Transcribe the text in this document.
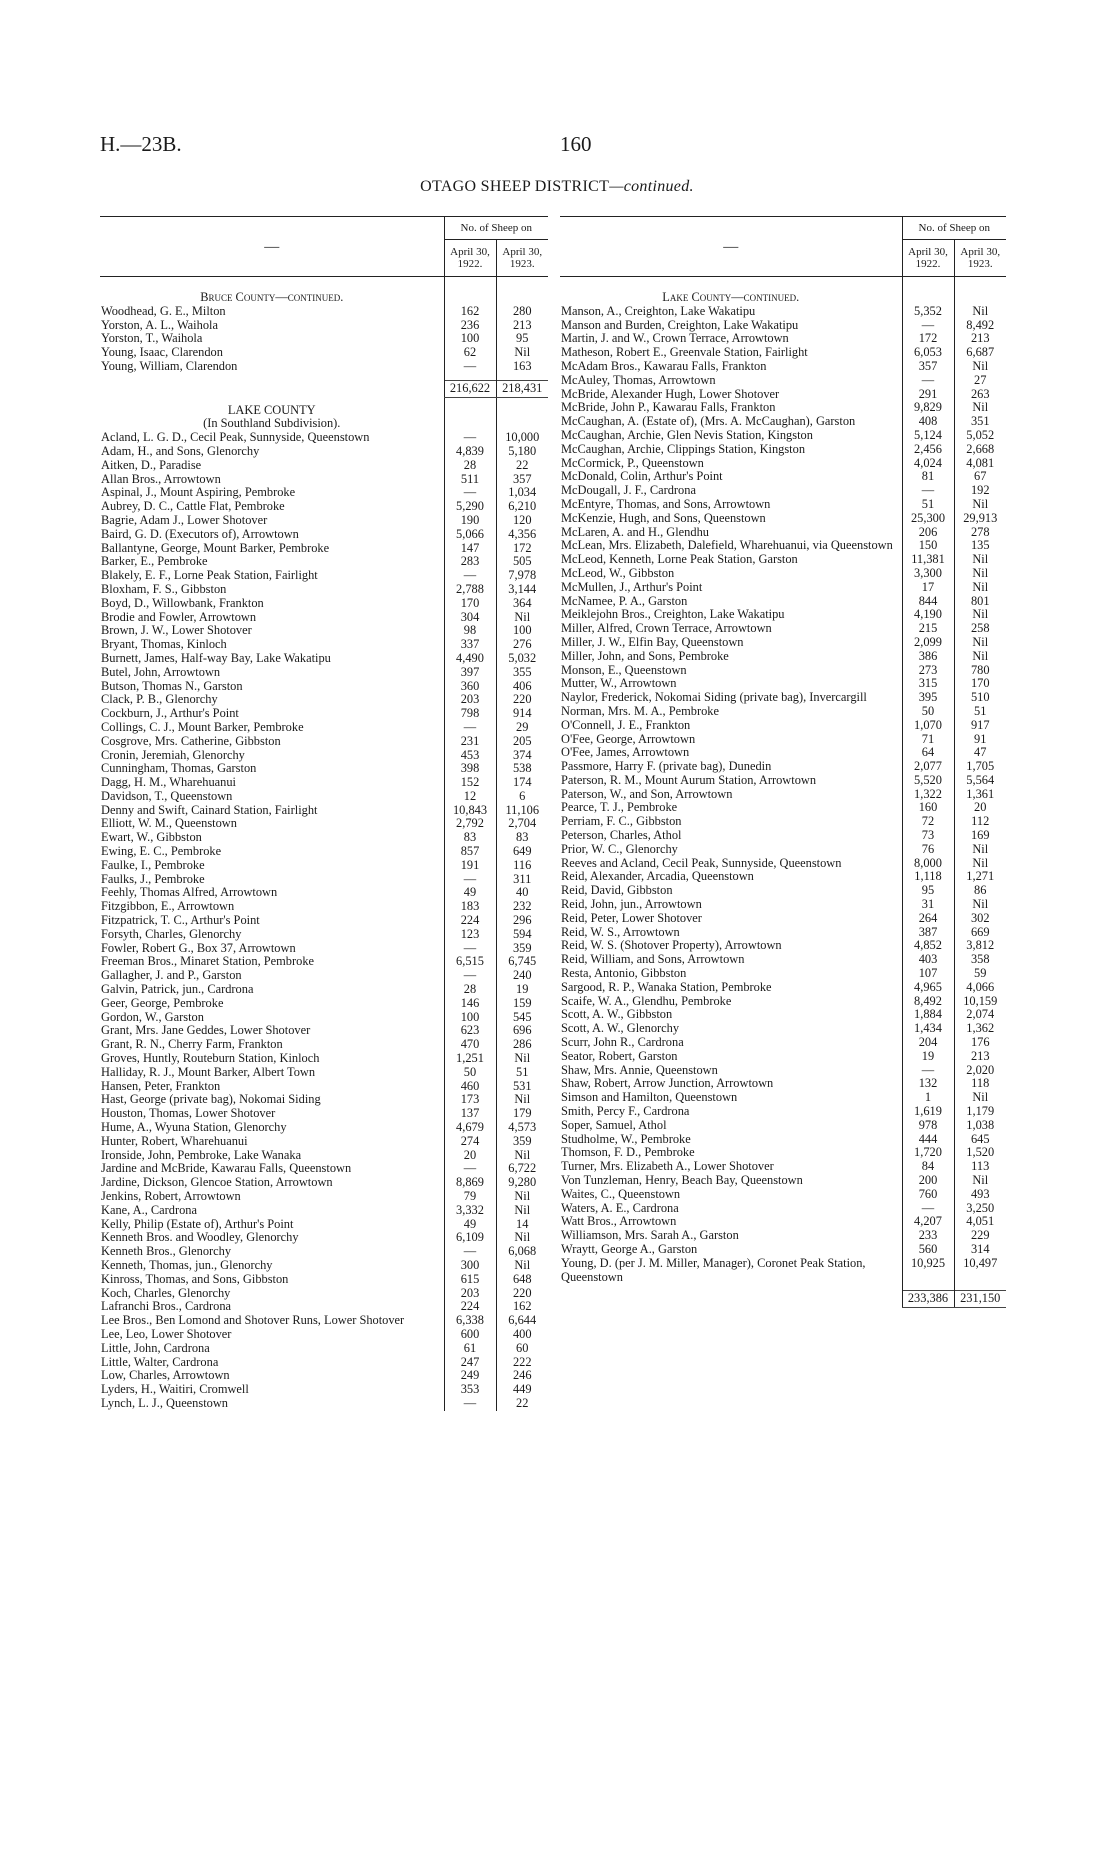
H.—23B.	160
OTAGO SHEEP DISTRICT—continued.
—	No. of Sheep on	
	April 30, 1922.	April 30, 1923.

Bruce County—continued.		
Woodhead, G. E., Milton	162	280
Yorston, A. L., Waihola	236	213
Yorston, T., Waihola	100	95
Young, Isaac, Clarendon	62	Nil
Young, William, Clarendon	—	163

	216,622	218,431

LAKE COUNTY		
(In Southland Subdivision).		
Acland, L. G. D., Cecil Peak, Sunnyside, Queenstown	—	10,000
Adam, H., and Sons, Glenorchy	4,839	5,180
Aitken, D., Paradise	28	22
Allan Bros., Arrowtown	511	357
Aspinal, J., Mount Aspiring, Pembroke	—	1,034
Aubrey, D. C., Cattle Flat, Pembroke	5,290	6,210
Bagrie, Adam J., Lower Shotover	190	120
Baird, G. D. (Executors of), Arrowtown	5,066	4,356
Ballantyne, George, Mount Barker, Pembroke	147	172
Barker, E., Pembroke	283	505
Blakely, E. F., Lorne Peak Station, Fairlight	—	7,978
Bloxham, F. S., Gibbston	2,788	3,144
Boyd, D., Willowbank, Frankton	170	364
Brodie and Fowler, Arrowtown	304	Nil
Brown, J. W., Lower Shotover	98	100
Bryant, Thomas, Kinloch	337	276
Burnett, James, Half-way Bay, Lake Wakatipu	4,490	5,032
Butel, John, Arrowtown	397	355
Butson, Thomas N., Garston	360	406
Clack, P. B., Glenorchy	203	220
Cockburn, J., Arthur's Point	798	914
Collings, C. J., Mount Barker, Pembroke	—	29
Cosgrove, Mrs. Catherine, Gibbston	231	205
Cronin, Jeremiah, Glenorchy	453	374
Cunningham, Thomas, Garston	398	538
Dagg, H. M., Wharehuanui	152	174
Davidson, T., Queenstown	12	6
Denny and Swift, Cainard Station, Fairlight	10,843	11,106
Elliott, W. M., Queenstown	2,792	2,704
Ewart, W., Gibbston	83	83
Ewing, E. C., Pembroke	857	649
Faulke, I., Pembroke	191	116
Faulks, J., Pembroke	—	311
Feehly, Thomas Alfred, Arrowtown	49	40
Fitzgibbon, E., Arrowtown	183	232
Fitzpatrick, T. C., Arthur's Point	224	296
Forsyth, Charles, Glenorchy	123	594
Fowler, Robert G., Box 37, Arrowtown	—	359
Freeman Bros., Minaret Station, Pembroke	6,515	6,745
Gallagher, J. and P., Garston	—	240
Galvin, Patrick, jun., Cardrona	28	19
Geer, George, Pembroke	146	159
Gordon, W., Garston	100	545
Grant, Mrs. Jane Geddes, Lower Shotover	623	696
Grant, R. N., Cherry Farm, Frankton	470	286
Groves, Huntly, Routeburn Station, Kinloch	1,251	Nil
Halliday, R. J., Mount Barker, Albert Town	50	51
Hansen, Peter, Frankton	460	531
Hast, George (private bag), Nokomai Siding	173	Nil
Houston, Thomas, Lower Shotover	137	179
Hume, A., Wyuna Station, Glenorchy	4,679	4,573
Hunter, Robert, Wharehuanui	274	359
Ironside, John, Pembroke, Lake Wanaka	20	Nil
Jardine and McBride, Kawarau Falls, Queenstown	—	6,722
Jardine, Dickson, Glencoe Station, Arrowtown	8,869	9,280
Jenkins, Robert, Arrowtown	79	Nil
Kane, A., Cardrona	3,332	Nil
Kelly, Philip (Estate of), Arthur's Point	49	14
Kenneth Bros. and Woodley, Glenorchy	6,109	Nil
Kenneth Bros., Glenorchy	—	6,068
Kenneth, Thomas, jun., Glenorchy	300	Nil
Kinross, Thomas, and Sons, Gibbston	615	648
Koch, Charles, Glenorchy	203	220
Lafranchi Bros., Cardrona	224	162
Lee Bros., Ben Lomond and Shotover Runs, Lower Shotover	6,338	6,644
Lee, Leo, Lower Shotover	600	400
Little, John, Cardrona	61	60
Little, Walter, Cardrona	247	222
Low, Charles, Arrowtown	249	246
Lyders, H., Waitiri, Cromwell	353	449
Lynch, L. J., Queenstown	—	22
—	No. of Sheep on	
	April 30, 1922.	April 30, 1923.

Lake County—continued.		
Manson, A., Creighton, Lake Wakatipu	5,352	Nil
Manson and Burden, Creighton, Lake Wakatipu	—	8,492
Martin, J. and W., Crown Terrace, Arrowtown	172	213
Matheson, Robert E., Greenvale Station, Fairlight	6,053	6,687
McAdam Bros., Kawarau Falls, Frankton	357	Nil
McAuley, Thomas, Arrowtown	—	27
McBride, Alexander Hugh, Lower Shotover	291	263
McBride, John P., Kawarau Falls, Frankton	9,829	Nil
McCaughan, A. (Estate of), (Mrs. A. McCaughan), Garston	408	351
McCaughan, Archie, Glen Nevis Station, Kingston	5,124	5,052
McCaughan, Archie, Clippings Station, Kingston	2,456	2,668
McCormick, P., Queenstown	4,024	4,081
McDonald, Colin, Arthur's Point	81	67
McDougall, J. F., Cardrona	—	192
McEntyre, Thomas, and Sons, Arrowtown	51	Nil
McKenzie, Hugh, and Sons, Queenstown	25,300	29,913
McLaren, A. and H., Glendhu	206	278
McLean, Mrs. Elizabeth, Dalefield, Wharehuanui, via Queenstown	150	135
McLeod, Kenneth, Lorne Peak Station, Garston	11,381	Nil
McLeod, W., Gibbston	3,300	Nil
McMullen, J., Arthur's Point	17	Nil
McNamee, P. A., Garston	844	801
Meiklejohn Bros., Creighton, Lake Wakatipu	4,190	Nil
Miller, Alfred, Crown Terrace, Arrowtown	215	258
Miller, J. W., Elfin Bay, Queenstown	2,099	Nil
Miller, John, and Sons, Pembroke	386	Nil
Monson, E., Queenstown	273	780
Mutter, W., Arrowtown	315	170
Naylor, Frederick, Nokomai Siding (private bag), Invercargill	395	510
Norman, Mrs. M. A., Pembroke	50	51
O'Connell, J. E., Frankton	1,070	917
O'Fee, George, Arrowtown	71	91
O'Fee, James, Arrowtown	64	47
Passmore, Harry F. (private bag), Dunedin	2,077	1,705
Paterson, R. M., Mount Aurum Station, Arrowtown	5,520	5,564
Paterson, W., and Son, Arrowtown	1,322	1,361
Pearce, T. J., Pembroke	160	20
Perriam, F. C., Gibbston	72	112
Peterson, Charles, Athol	73	169
Prior, W. C., Glenorchy	76	Nil
Reeves and Acland, Cecil Peak, Sunnyside, Queenstown	8,000	Nil
Reid, Alexander, Arcadia, Queenstown	1,118	1,271
Reid, David, Gibbston	95	86
Reid, John, jun., Arrowtown	31	Nil
Reid, Peter, Lower Shotover	264	302
Reid, W. S., Arrowtown	387	669
Reid, W. S. (Shotover Property), Arrowtown	4,852	3,812
Reid, William, and Sons, Arrowtown	403	358
Resta, Antonio, Gibbston	107	59
Sargood, R. P., Wanaka Station, Pembroke	4,965	4,066
Scaife, W. A., Glendhu, Pembroke	8,492	10,159
Scott, A. W., Gibbston	1,884	2,074
Scott, A. W., Glenorchy	1,434	1,362
Scurr, John R., Cardrona	204	176
Seator, Robert, Garston	19	213
Shaw, Mrs. Annie, Queenstown	—	2,020
Shaw, Robert, Arrow Junction, Arrowtown	132	118
Simson and Hamilton, Queenstown	1	Nil
Smith, Percy F., Cardrona	1,619	1,179
Soper, Samuel, Athol	978	1,038
Studholme, W., Pembroke	444	645
Thomson, F. D., Pembroke	1,720	1,520
Turner, Mrs. Elizabeth A., Lower Shotover	84	113
Von Tunzleman, Henry, Beach Bay, Queenstown	200	Nil
Waites, C., Queenstown	760	493
Waters, A. E., Cardrona	—	3,250
Watt Bros., Arrowtown	4,207	4,051
Williamson, Mrs. Sarah A., Garston	233	229
Wraytt, George A., Garston	560	314
Young, D. (per J. M. Miller, Manager), Coronet Peak Station, Queenstown	10,925	10,497

	233,386	231,150
